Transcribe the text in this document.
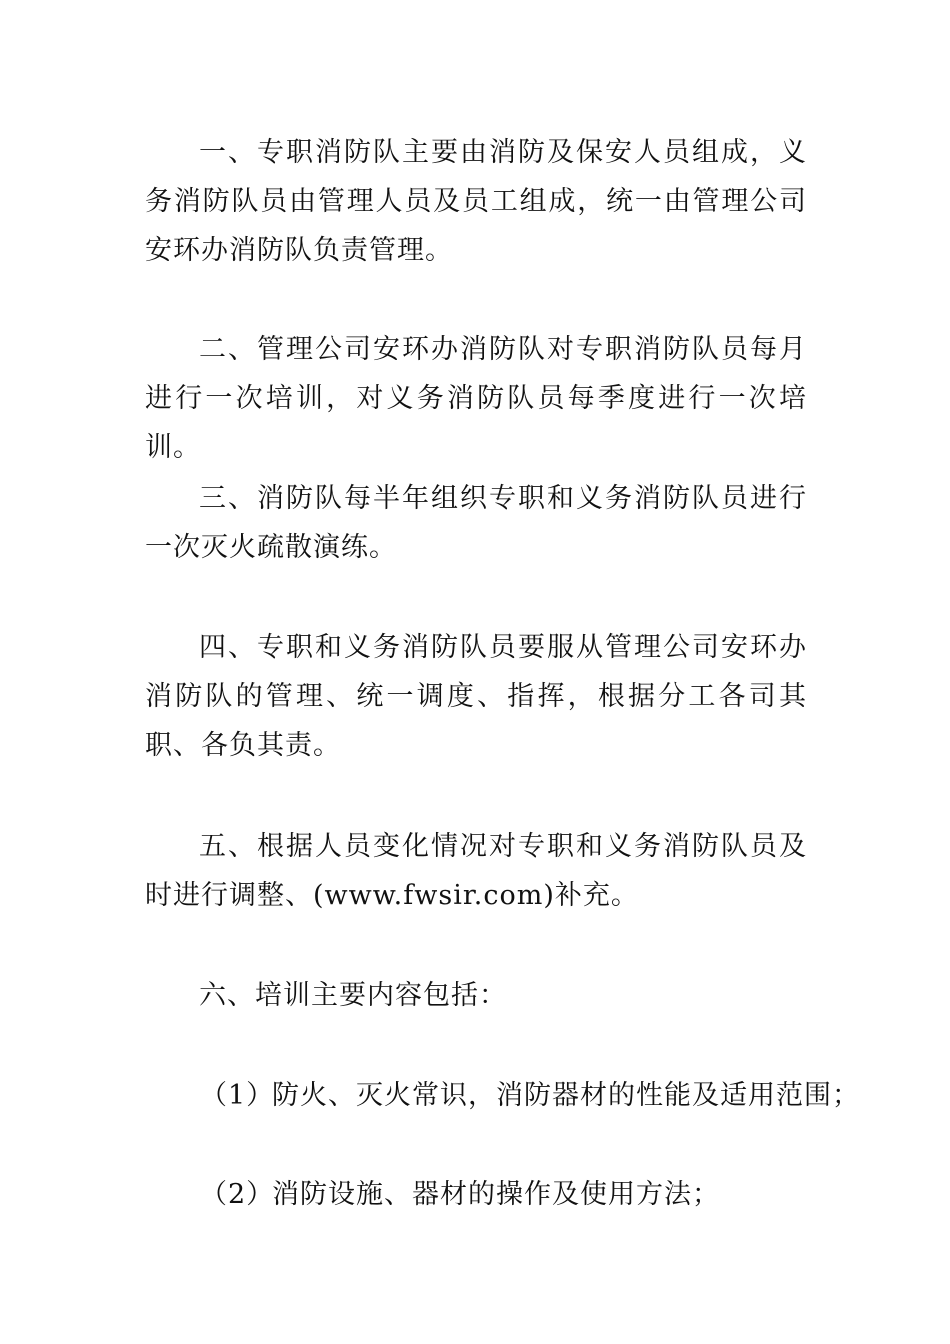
一、专职消防队主要由消防及保安人员组成，义务消防队员由管理人员及员工组成，统一由管理公司安环办消防队负责管理。

二、管理公司安环办消防队对专职消防队员每月进行一次培训，对义务消防队员每季度进行一次培训。

三、消防队每半年组织专职和义务消防队员进行一次灭火疏散演练。

四、专职和义务消防队员要服从管理公司安环办消防队的管理、统一调度、指挥，根据分工各司其职、各负其责。

五、根据人员变化情况对专职和义务消防队员及时进行调整、(www.fwsir.com)补充。

六、培训主要内容包括：

（1）防火、灭火常识，消防器材的性能及适用范围；

（2）消防设施、器材的操作及使用方法；
